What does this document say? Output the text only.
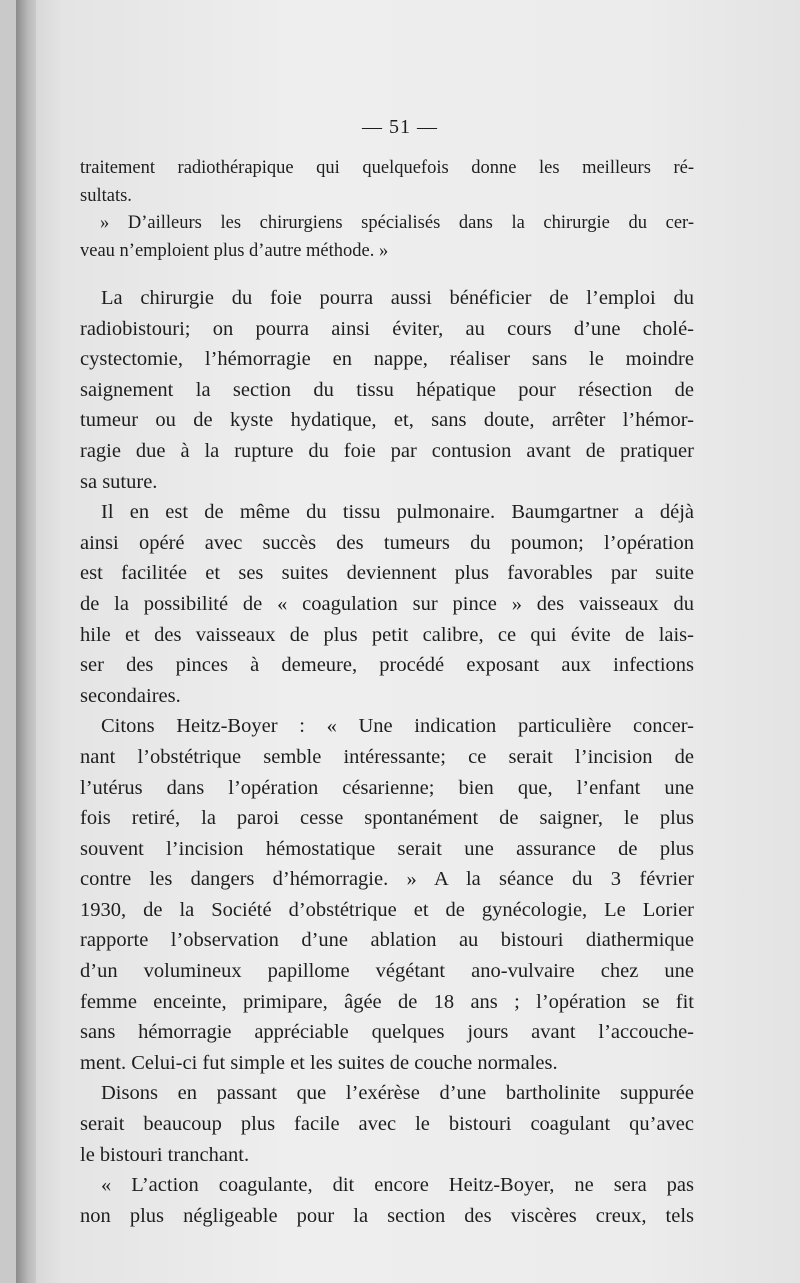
— 51 —
traitement radiothérapique qui quelquefois donne les meilleurs ré-
sultats.
» D’ailleurs les chirurgiens spécialisés dans la chirurgie du cer-
veau n’emploient plus d’autre méthode. »
La chirurgie du foie pourra aussi bénéficier de l’emploi du
radiobistouri; on pourra ainsi éviter, au cours d’une cholé-
cystectomie, l’hémorragie en nappe, réaliser sans le moindre
saignement la section du tissu hépatique pour résection de
tumeur ou de kyste hydatique, et, sans doute, arrêter l’hémor-
ragie due à la rupture du foie par contusion avant de pratiquer
sa suture.
Il en est de même du tissu pulmonaire. Baumgartner a déjà
ainsi opéré avec succès des tumeurs du poumon; l’opération
est facilitée et ses suites deviennent plus favorables par suite
de la possibilité de « coagulation sur pince » des vaisseaux du
hile et des vaisseaux de plus petit calibre, ce qui évite de lais-
ser des pinces à demeure, procédé exposant aux infections
secondaires.
Citons Heitz-Boyer : « Une indication particulière concer-
nant l’obstétrique semble intéressante; ce serait l’incision de
l’utérus dans l’opération césarienne; bien que, l’enfant une
fois retiré, la paroi cesse spontanément de saigner, le plus
souvent l’incision hémostatique serait une assurance de plus
contre les dangers d’hémorragie. » A la séance du 3 février
1930, de la Société d’obstétrique et de gynécologie, Le Lorier
rapporte l’observation d’une ablation au bistouri diathermique
d’un volumineux papillome végétant ano-vulvaire chez une
femme enceinte, primipare, âgée de 18 ans ; l’opération se fit
sans hémorragie appréciable quelques jours avant l’accouche-
ment. Celui-ci fut simple et les suites de couche normales.
Disons en passant que l’exérèse d’une bartholinite suppurée
serait beaucoup plus facile avec le bistouri coagulant qu’avec
le bistouri tranchant.
« L’action coagulante, dit encore Heitz-Boyer, ne sera pas
non plus négligeable pour la section des viscères creux, tels
